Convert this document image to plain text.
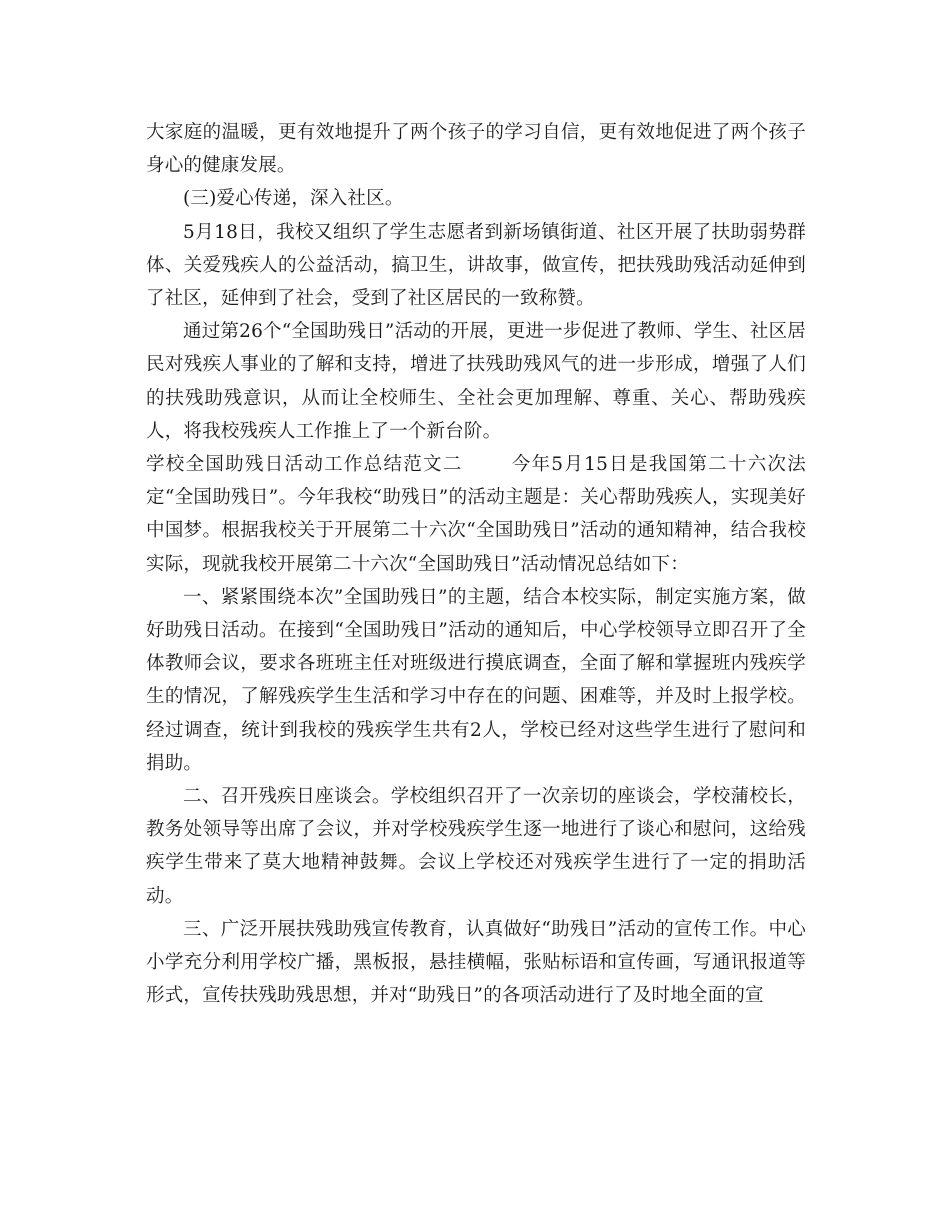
大家庭的温暖，更有效地提升了两个孩子的学习自信，更有效地促进了两个孩子身心的健康发展。

(三)爱心传递，深入社区。

5月18日，我校又组织了学生志愿者到新场镇街道、社区开展了扶助弱势群体、关爱残疾人的公益活动，搞卫生，讲故事，做宣传，把扶残助残活动延伸到了社区，延伸到了社会，受到了社区居民的一致称赞。

通过第26个“全国助残日”活动的开展，更进一步促进了教师、学生、社区居民对残疾人事业的了解和支持，增进了扶残助残风气的进一步形成，增强了人们的扶残助残意识，从而让全校师生、全社会更加理解、尊重、关心、帮助残疾人，将我校残疾人工作推上了一个新台阶。

学校全国助残日活动工作总结范文二	今年5月15日是我国第二十六次法定“全国助残日”。今年我校“助残日”的活动主题是：关心帮助残疾人，实现美好中国梦。根据我校关于开展第二十六次“全国助残日”活动的通知精神，结合我校实际，现就我校开展第二十六次“全国助残日”活动情况总结如下：

一、紧紧围绕本次”全国助残日”的主题，结合本校实际，制定实施方案，做好助残日活动。在接到“全国助残日”活动的通知后，中心学校领导立即召开了全体教师会议，要求各班班主任对班级进行摸底调查，全面了解和掌握班内残疾学生的情况，了解残疾学生生活和学习中存在的问题、困难等，并及时上报学校。经过调查，统计到我校的残疾学生共有2人，学校已经对这些学生进行了慰问和捐助。

二、召开残疾日座谈会。学校组织召开了一次亲切的座谈会，学校蒲校长，教务处领导等出席了会议，并对学校残疾学生逐一地进行了谈心和慰问，这给残疾学生带来了莫大地精神鼓舞。会议上学校还对残疾学生进行了一定的捐助活动。

三、广泛开展扶残助残宣传教育，认真做好“助残日”活动的宣传工作。中心小学充分利用学校广播，黑板报，悬挂横幅，张贴标语和宣传画，写通讯报道等形式，宣传扶残助残思想，并对“助残日”的各项活动进行了及时地全面的宣
